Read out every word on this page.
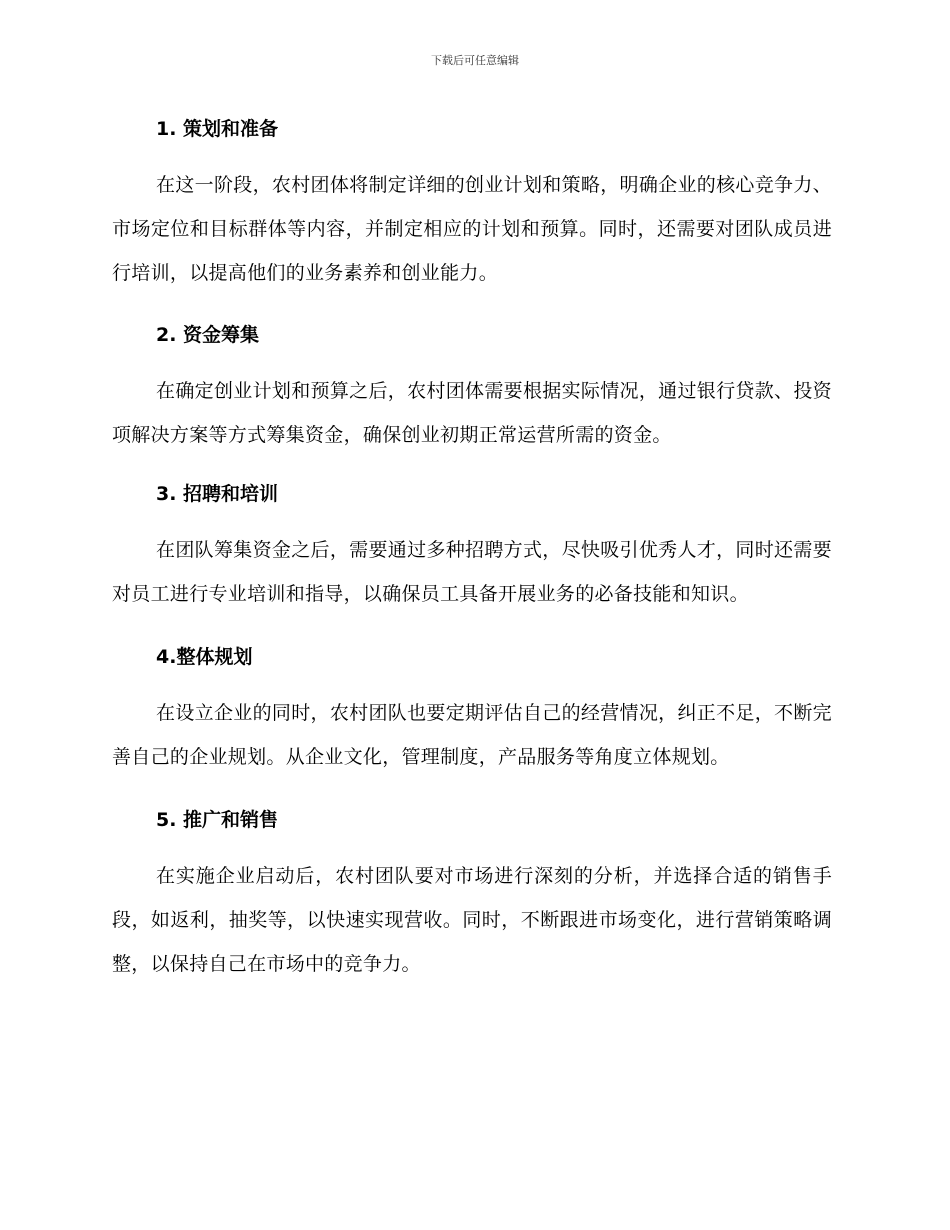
下载后可任意编辑
1. 策划和准备

在这一阶段，农村团体将制定详细的创业计划和策略，明确企业的核心竞争力、市场定位和目标群体等内容，并制定相应的计划和预算。同时，还需要对团队成员进行培训，以提高他们的业务素养和创业能力。

2. 资金筹集

在确定创业计划和预算之后，农村团体需要根据实际情况，通过银行贷款、投资项解决方案等方式筹集资金，确保创业初期正常运营所需的资金。

3. 招聘和培训

在团队筹集资金之后，需要通过多种招聘方式，尽快吸引优秀人才，同时还需要对员工进行专业培训和指导，以确保员工具备开展业务的必备技能和知识。

4.整体规划

在设立企业的同时，农村团队也要定期评估自己的经营情况，纠正不足，不断完善自己的企业规划。从企业文化，管理制度，产品服务等角度立体规划。

5. 推广和销售

在实施企业启动后，农村团队要对市场进行深刻的分析，并选择合适的销售手段，如返利，抽奖等，以快速实现营收。同时，不断跟进市场变化，进行营销策略调整，以保持自己在市场中的竞争力。
